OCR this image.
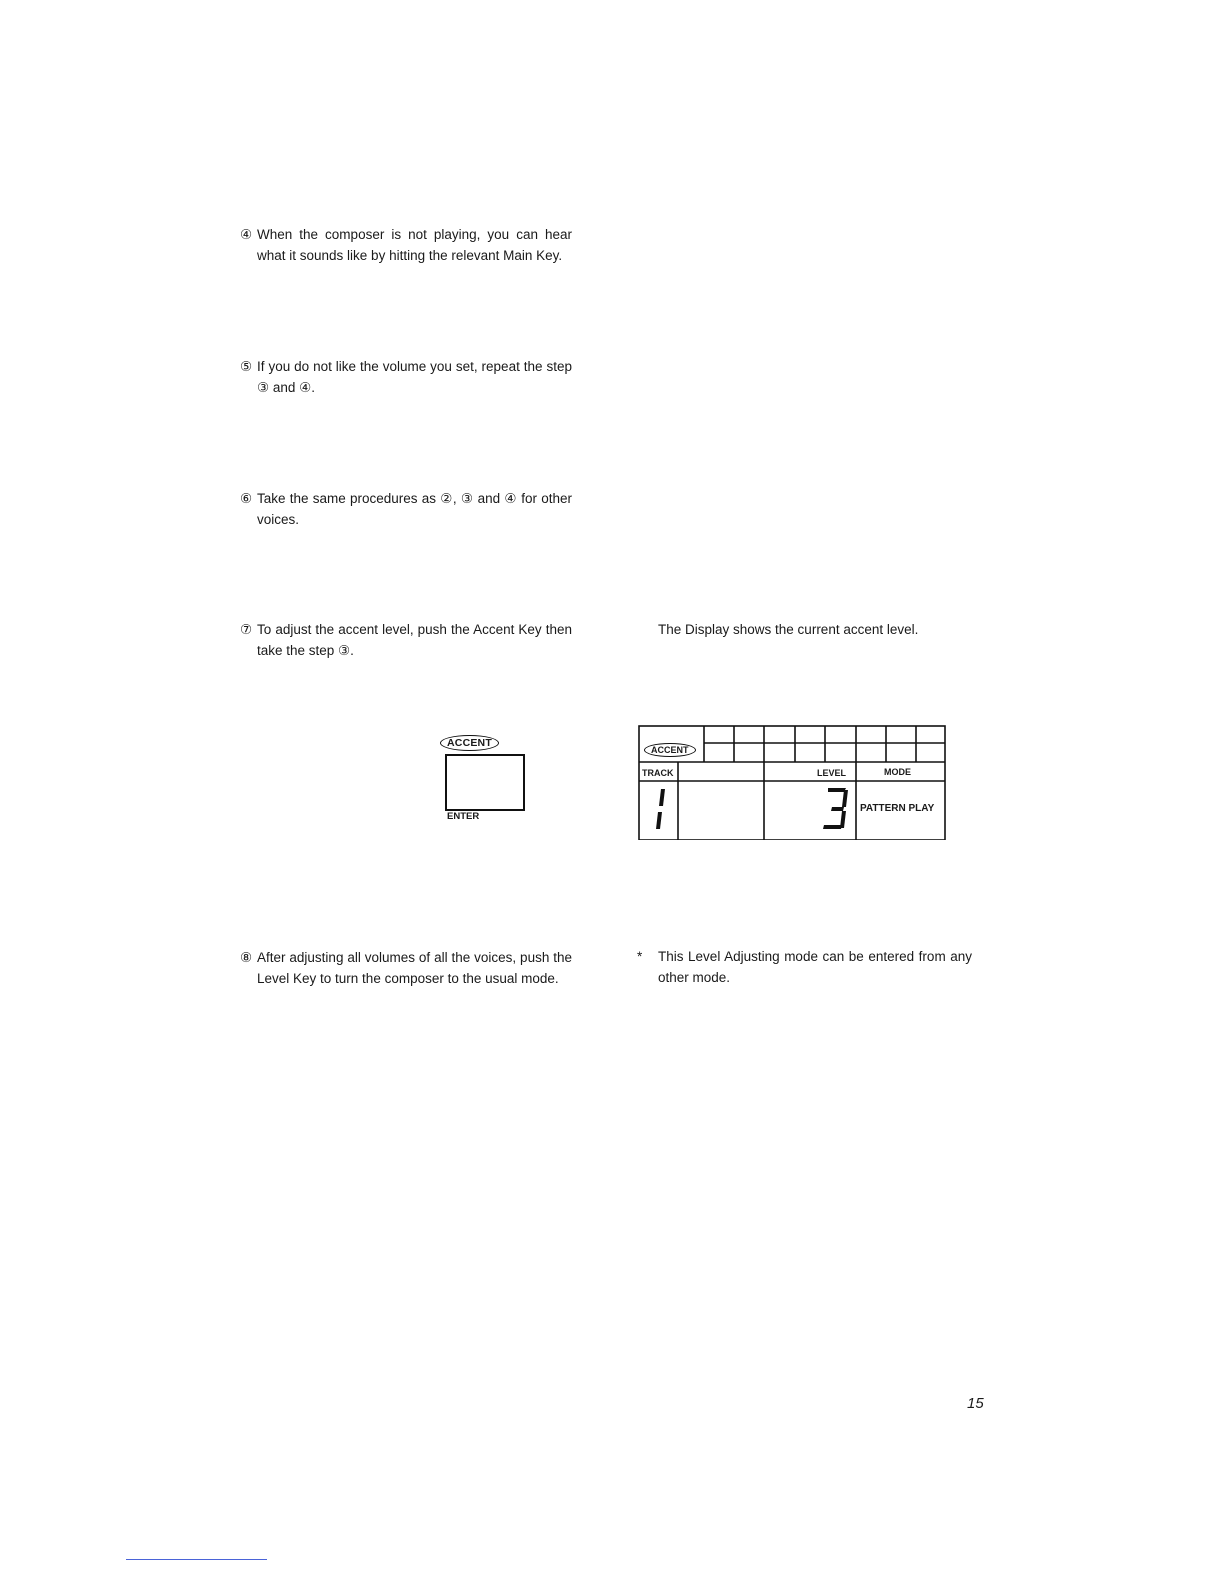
④ When the composer is not playing, you can hear what it sounds like by hitting the relevant Main Key.
⑤ If you do not like the volume you set, repeat the step ③ and ④.
⑥ Take the same procedures as ②, ③ and ④ for other voices.
⑦ To adjust the accent level, push the Accent Key then take the step ③.
⑧ After adjusting all volumes of all the voices, push the Level Key to turn the composer to the usual mode.
The Display shows the current accent level.
ACCENT
ENTER
ACCENT
TRACK	LEVEL	MODE
PATTERN PLAY
*	This Level Adjusting mode can be entered from any other mode.
15
